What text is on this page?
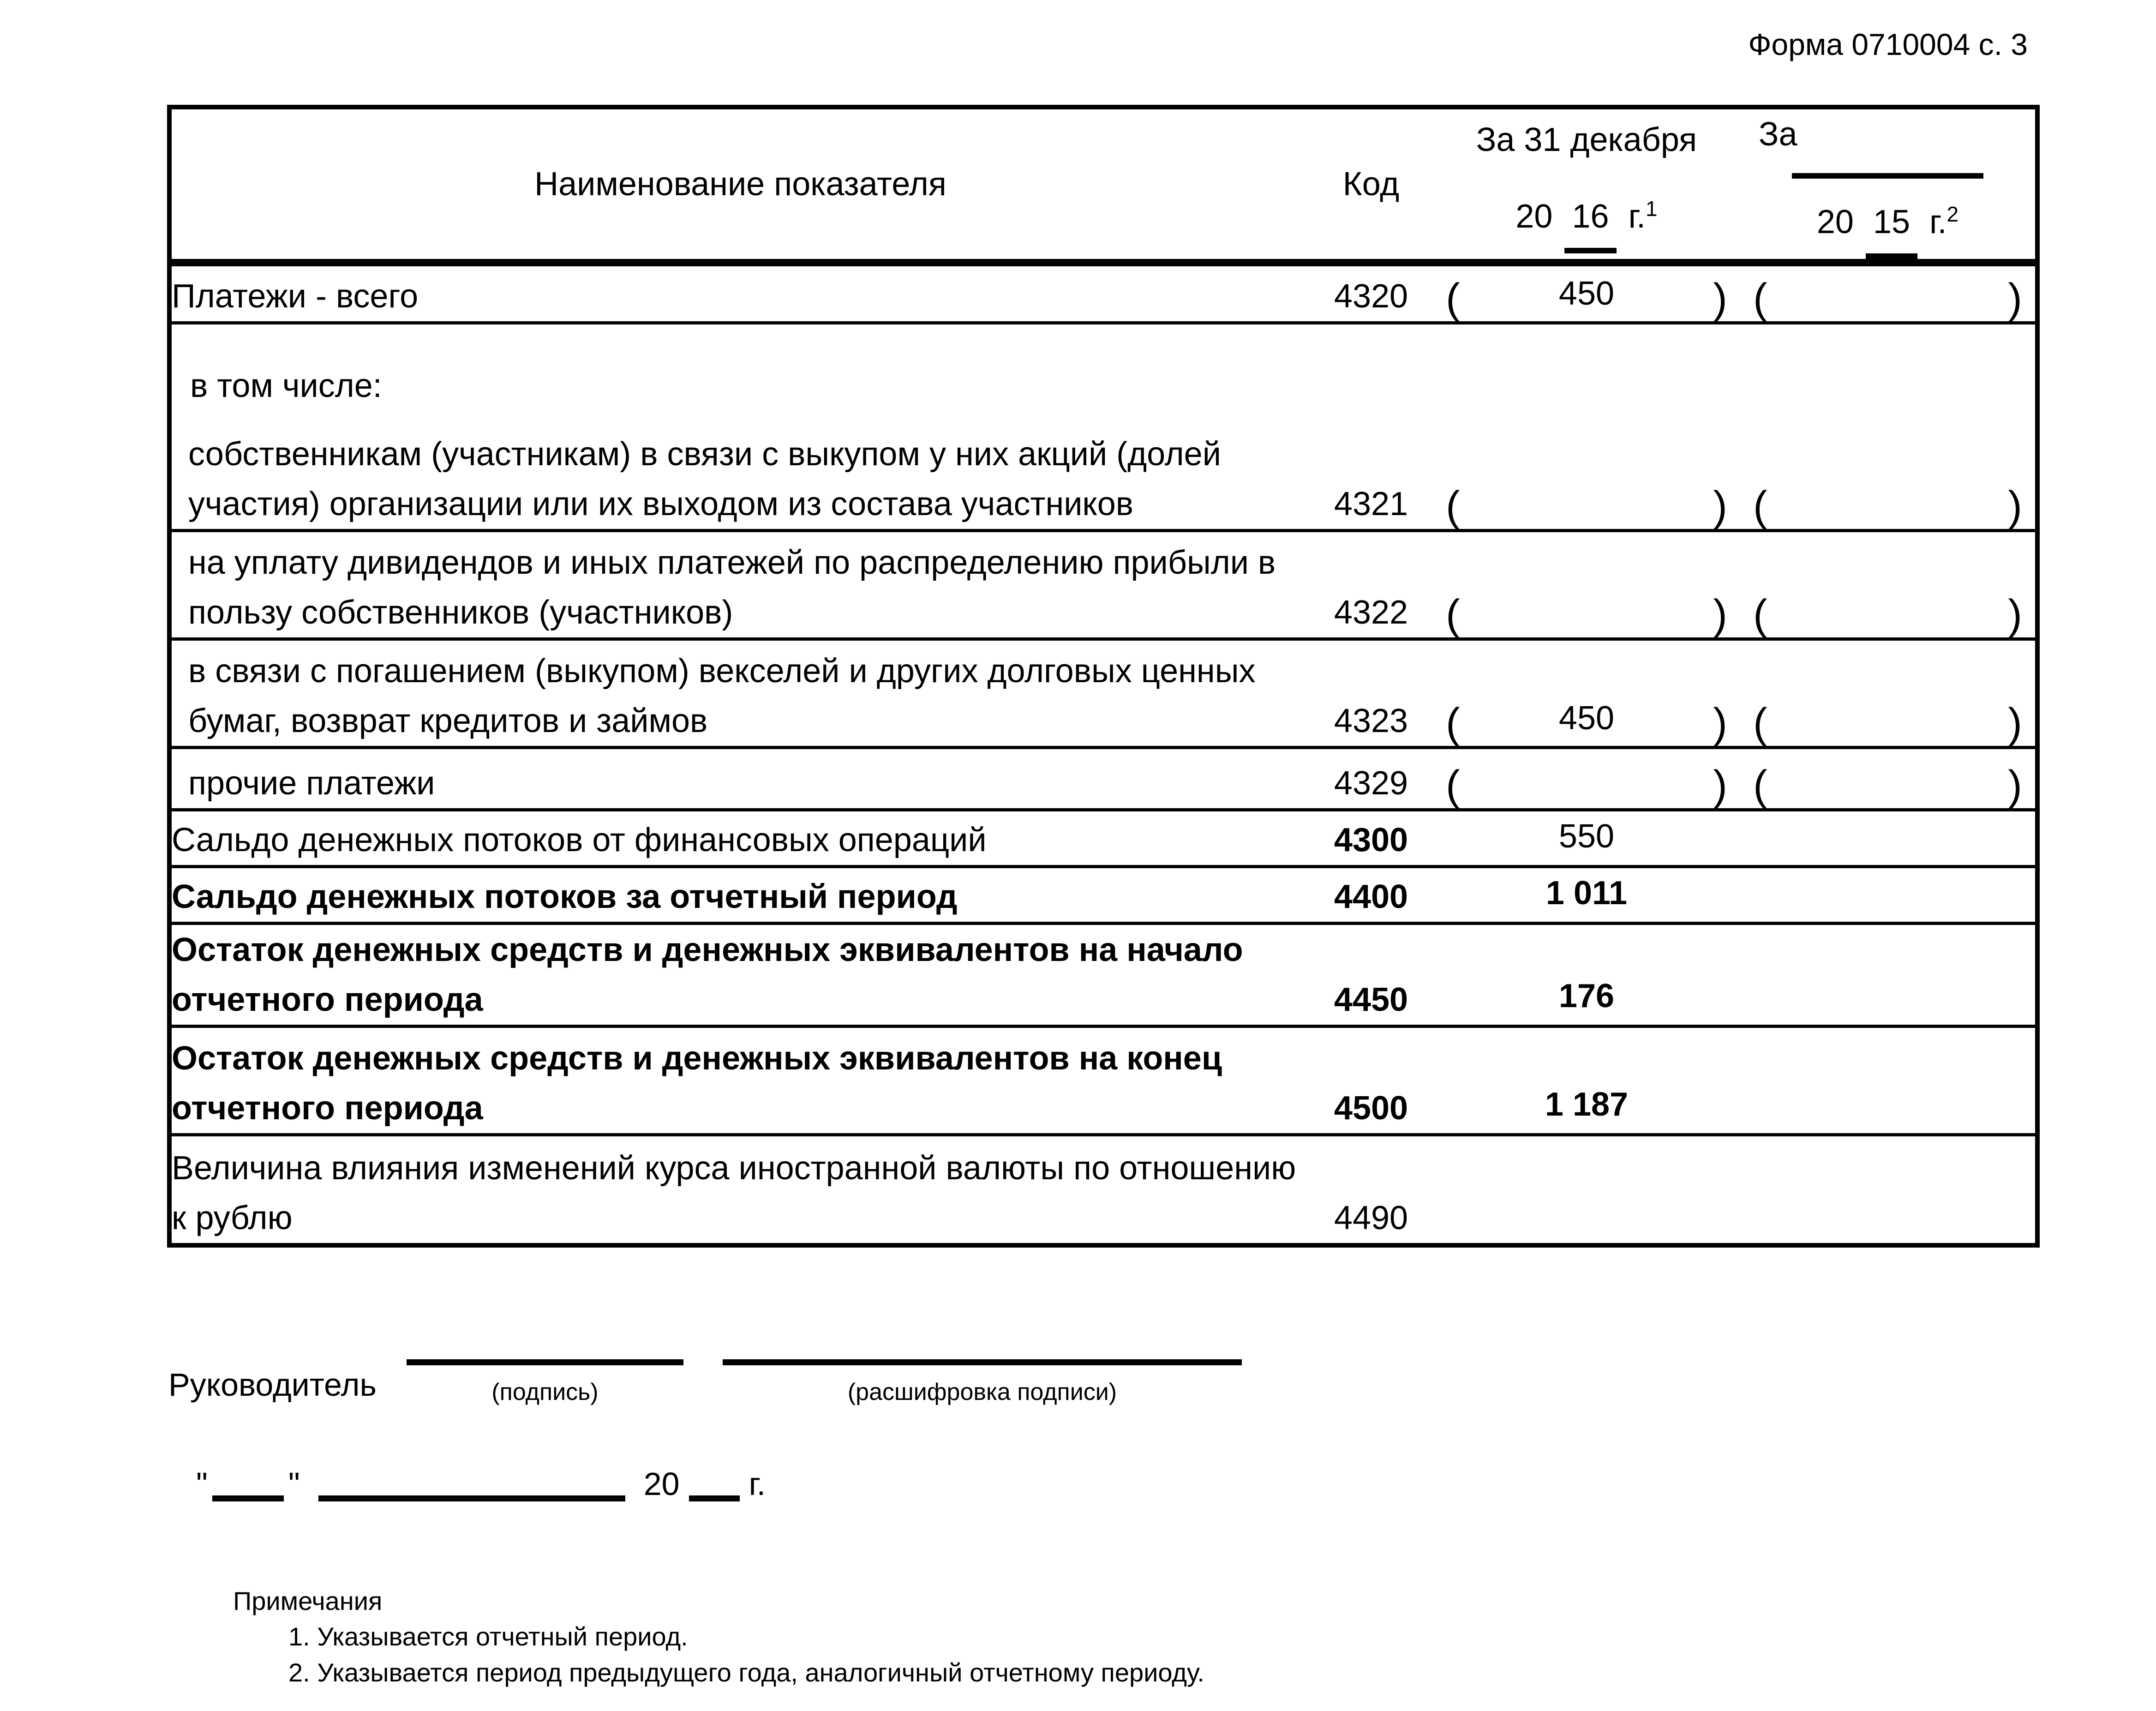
Форма 0710004 с. 3
Наименование показателя	Код	
За 31 декабря
20 16 г.$^1$

За
20 15 г.$^2$

Платежи - всего	4320	( 450 )	( )

в том числе:
собственникам (участникам) в связи с выкупом у них акций (долей участия) организации или их выходом из состава участников	4321	(	)	(	)

на уплату дивидендов и иных платежей по распределению прибыли в пользу собственников (участников)	4322	( )	( )

в связи с погашением (выкупом) векселей и других долговых ценных бумаг, возврат кредитов и займов	4323	( 450 )	( )

прочие платежи	4329	( )	( )

Сальдо денежных потоков от финансовых операций	4300	550	

Сальдо денежных потоков за отчетный период	4400	1 011	

Остаток денежных средств и денежных эквивалентов на начало отчетного периода	4450	176	

Остаток денежных средств и денежных эквивалентов на конец отчетного периода	4500	1 187	

Величина влияния изменений курса иностранной валюты по отношению к рублю	4490	

Руководитель	(подпись)	(расшифровка подписи)
"	"	20 г.
Примечания
1. Указывается отчетный период.
2. Указывается период предыдущего года, аналогичный отчетному периоду.
